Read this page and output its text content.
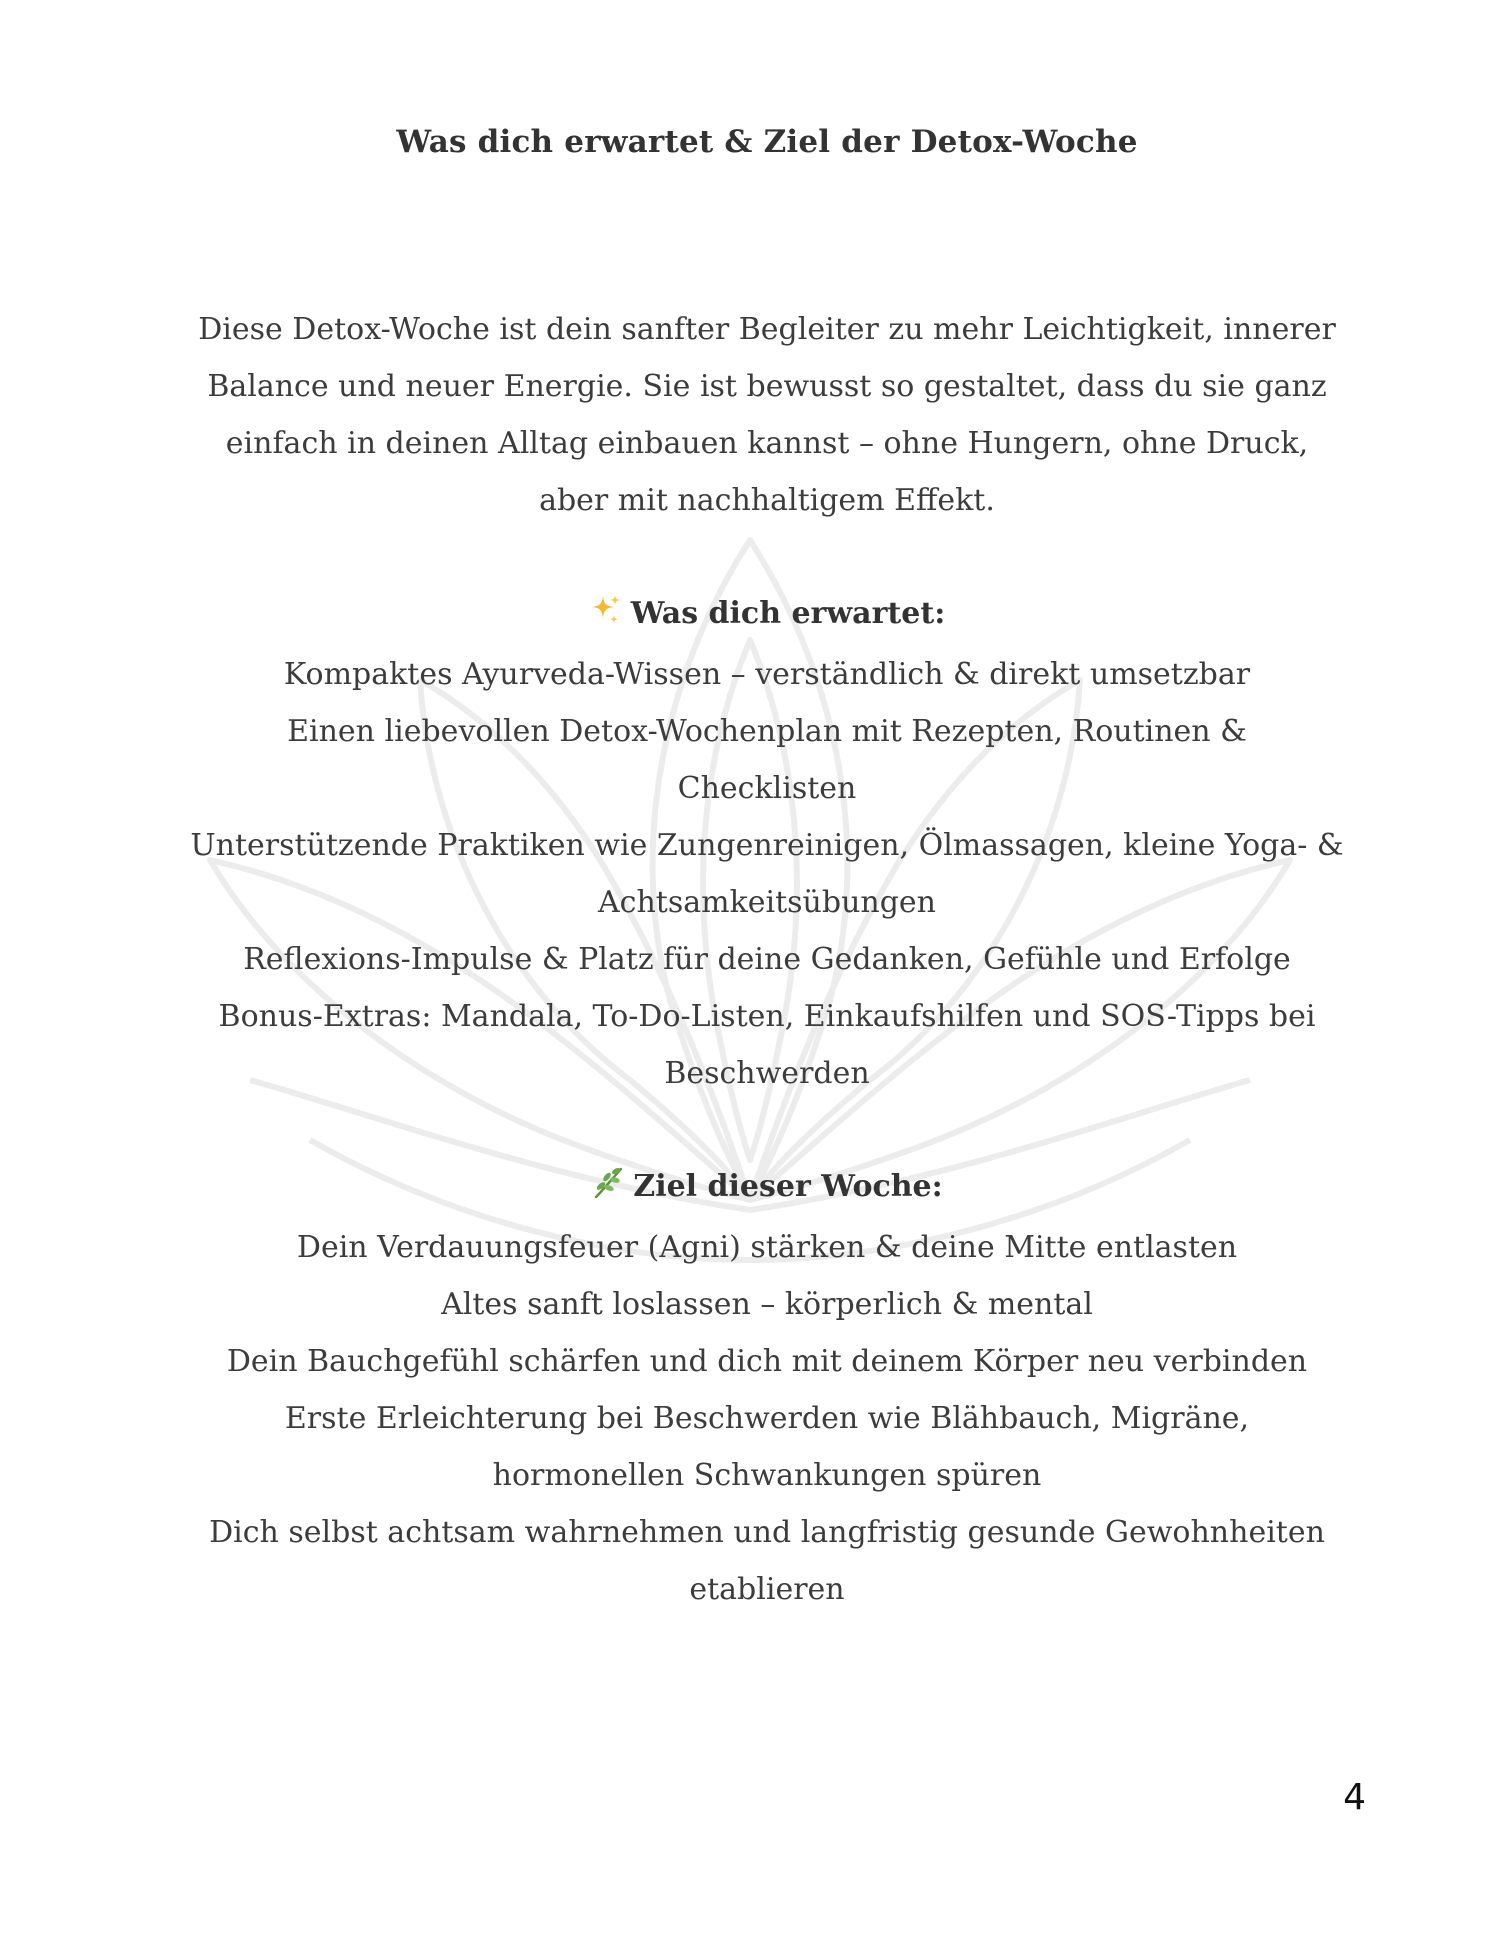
Was dich erwartet & Ziel der Detox-Woche

Diese Detox-Woche ist dein sanfter Begleiter zu mehr Leichtigkeit, innerer Balance und neuer Energie. Sie ist bewusst so gestaltet, dass du sie ganz einfach in deinen Alltag einbauen kannst – ohne Hungern, ohne Druck, aber mit nachhaltigem Effekt.

Was dich erwartet:
Kompaktes Ayurveda-Wissen – verständlich & direkt umsetzbar
Einen liebevollen Detox-Wochenplan mit Rezepten, Routinen & Checklisten
Unterstützende Praktiken wie Zungenreinigen, Ölmassagen, kleine Yoga- & Achtsamkeitsübungen
Reflexions-Impulse & Platz für deine Gedanken, Gefühle und Erfolge
Bonus-Extras: Mandala, To-Do-Listen, Einkaufshilfen und SOS-Tipps bei Beschwerden
Ziel dieser Woche:
Dein Verdauungsfeuer (Agni) stärken & deine Mitte entlasten
Altes sanft loslassen – körperlich & mental
Dein Bauchgefühl schärfen und dich mit deinem Körper neu verbinden
Erste Erleichterung bei Beschwerden wie Blähbauch, Migräne, hormonellen Schwankungen spüren
Dich selbst achtsam wahrnehmen und langfristig gesunde Gewohnheiten etablieren
4
